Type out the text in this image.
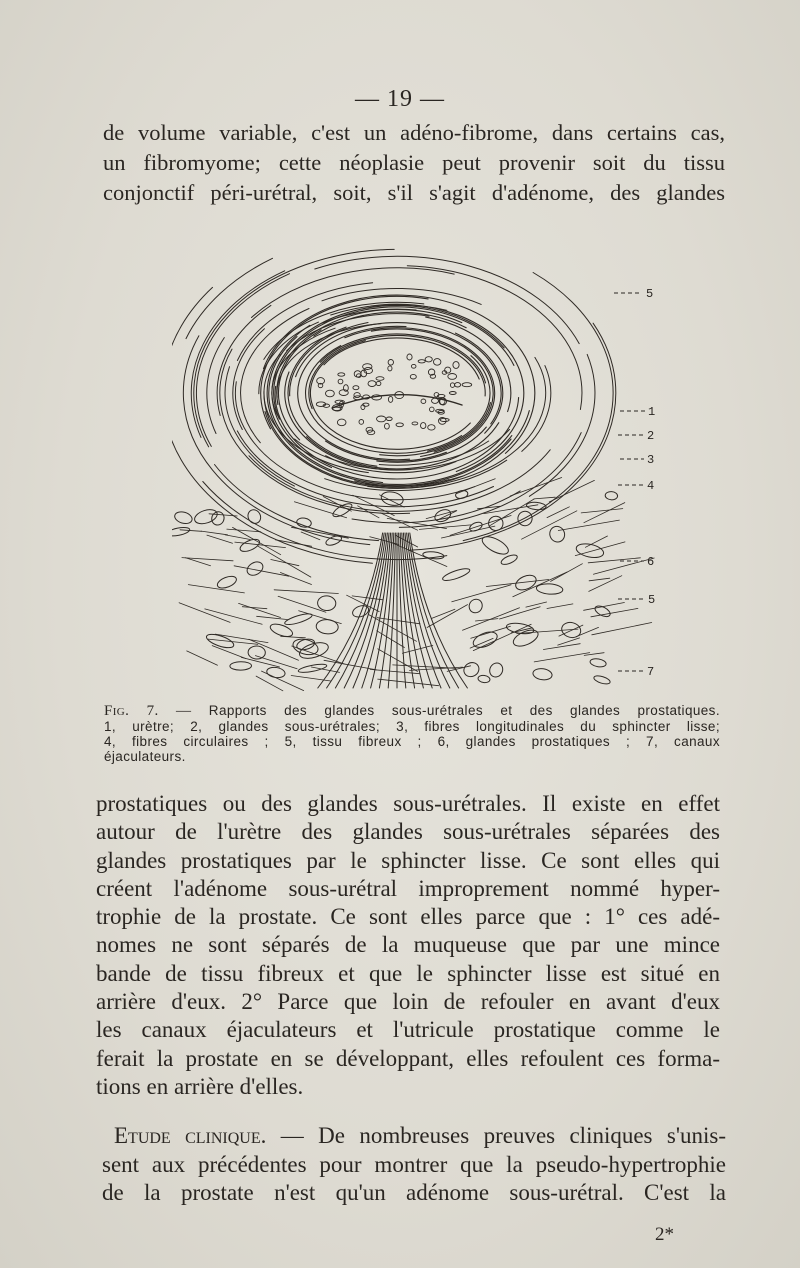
— 19 —
de volume variable, c'est un adéno-fibrome, dans certains cas,
un fibromyome; cette néoplasie peut provenir soit du tissu
conjonctif péri-urétral, soit, s'il s'agit d'adénome, des glandes
5
1
2
3
4
6
5
7
Fig. 7. — Rapports des glandes sous-urétrales et des glandes prostatiques.
1, urètre; 2, glandes sous-urétrales; 3, fibres longitudinales du sphincter lisse;
4, fibres circulaires ; 5, tissu fibreux ; 6, glandes prostatiques ; 7, canaux
éjaculateurs.
prostatiques ou des glandes sous-urétrales. Il existe en effet
autour de l'urètre des glandes sous-urétrales séparées des
glandes prostatiques par le sphincter lisse. Ce sont elles qui
créent l'adénome sous-urétral improprement nommé hyper-
trophie de la prostate. Ce sont elles parce que : 1° ces adé-
nomes ne sont séparés de la muqueuse que par une mince
bande de tissu fibreux et que le sphincter lisse est situé en
arrière d'eux. 2° Parce que loin de refouler en avant d'eux
les canaux éjaculateurs et l'utricule prostatique comme le
ferait la prostate en se développant, elles refoulent ces forma-
tions en arrière d'elles.
Etude clinique. — De nombreuses preuves cliniques s'unis-
sent aux précédentes pour montrer que la pseudo-hypertrophie
de la prostate n'est qu'un adénome sous-urétral. C'est la
2*
